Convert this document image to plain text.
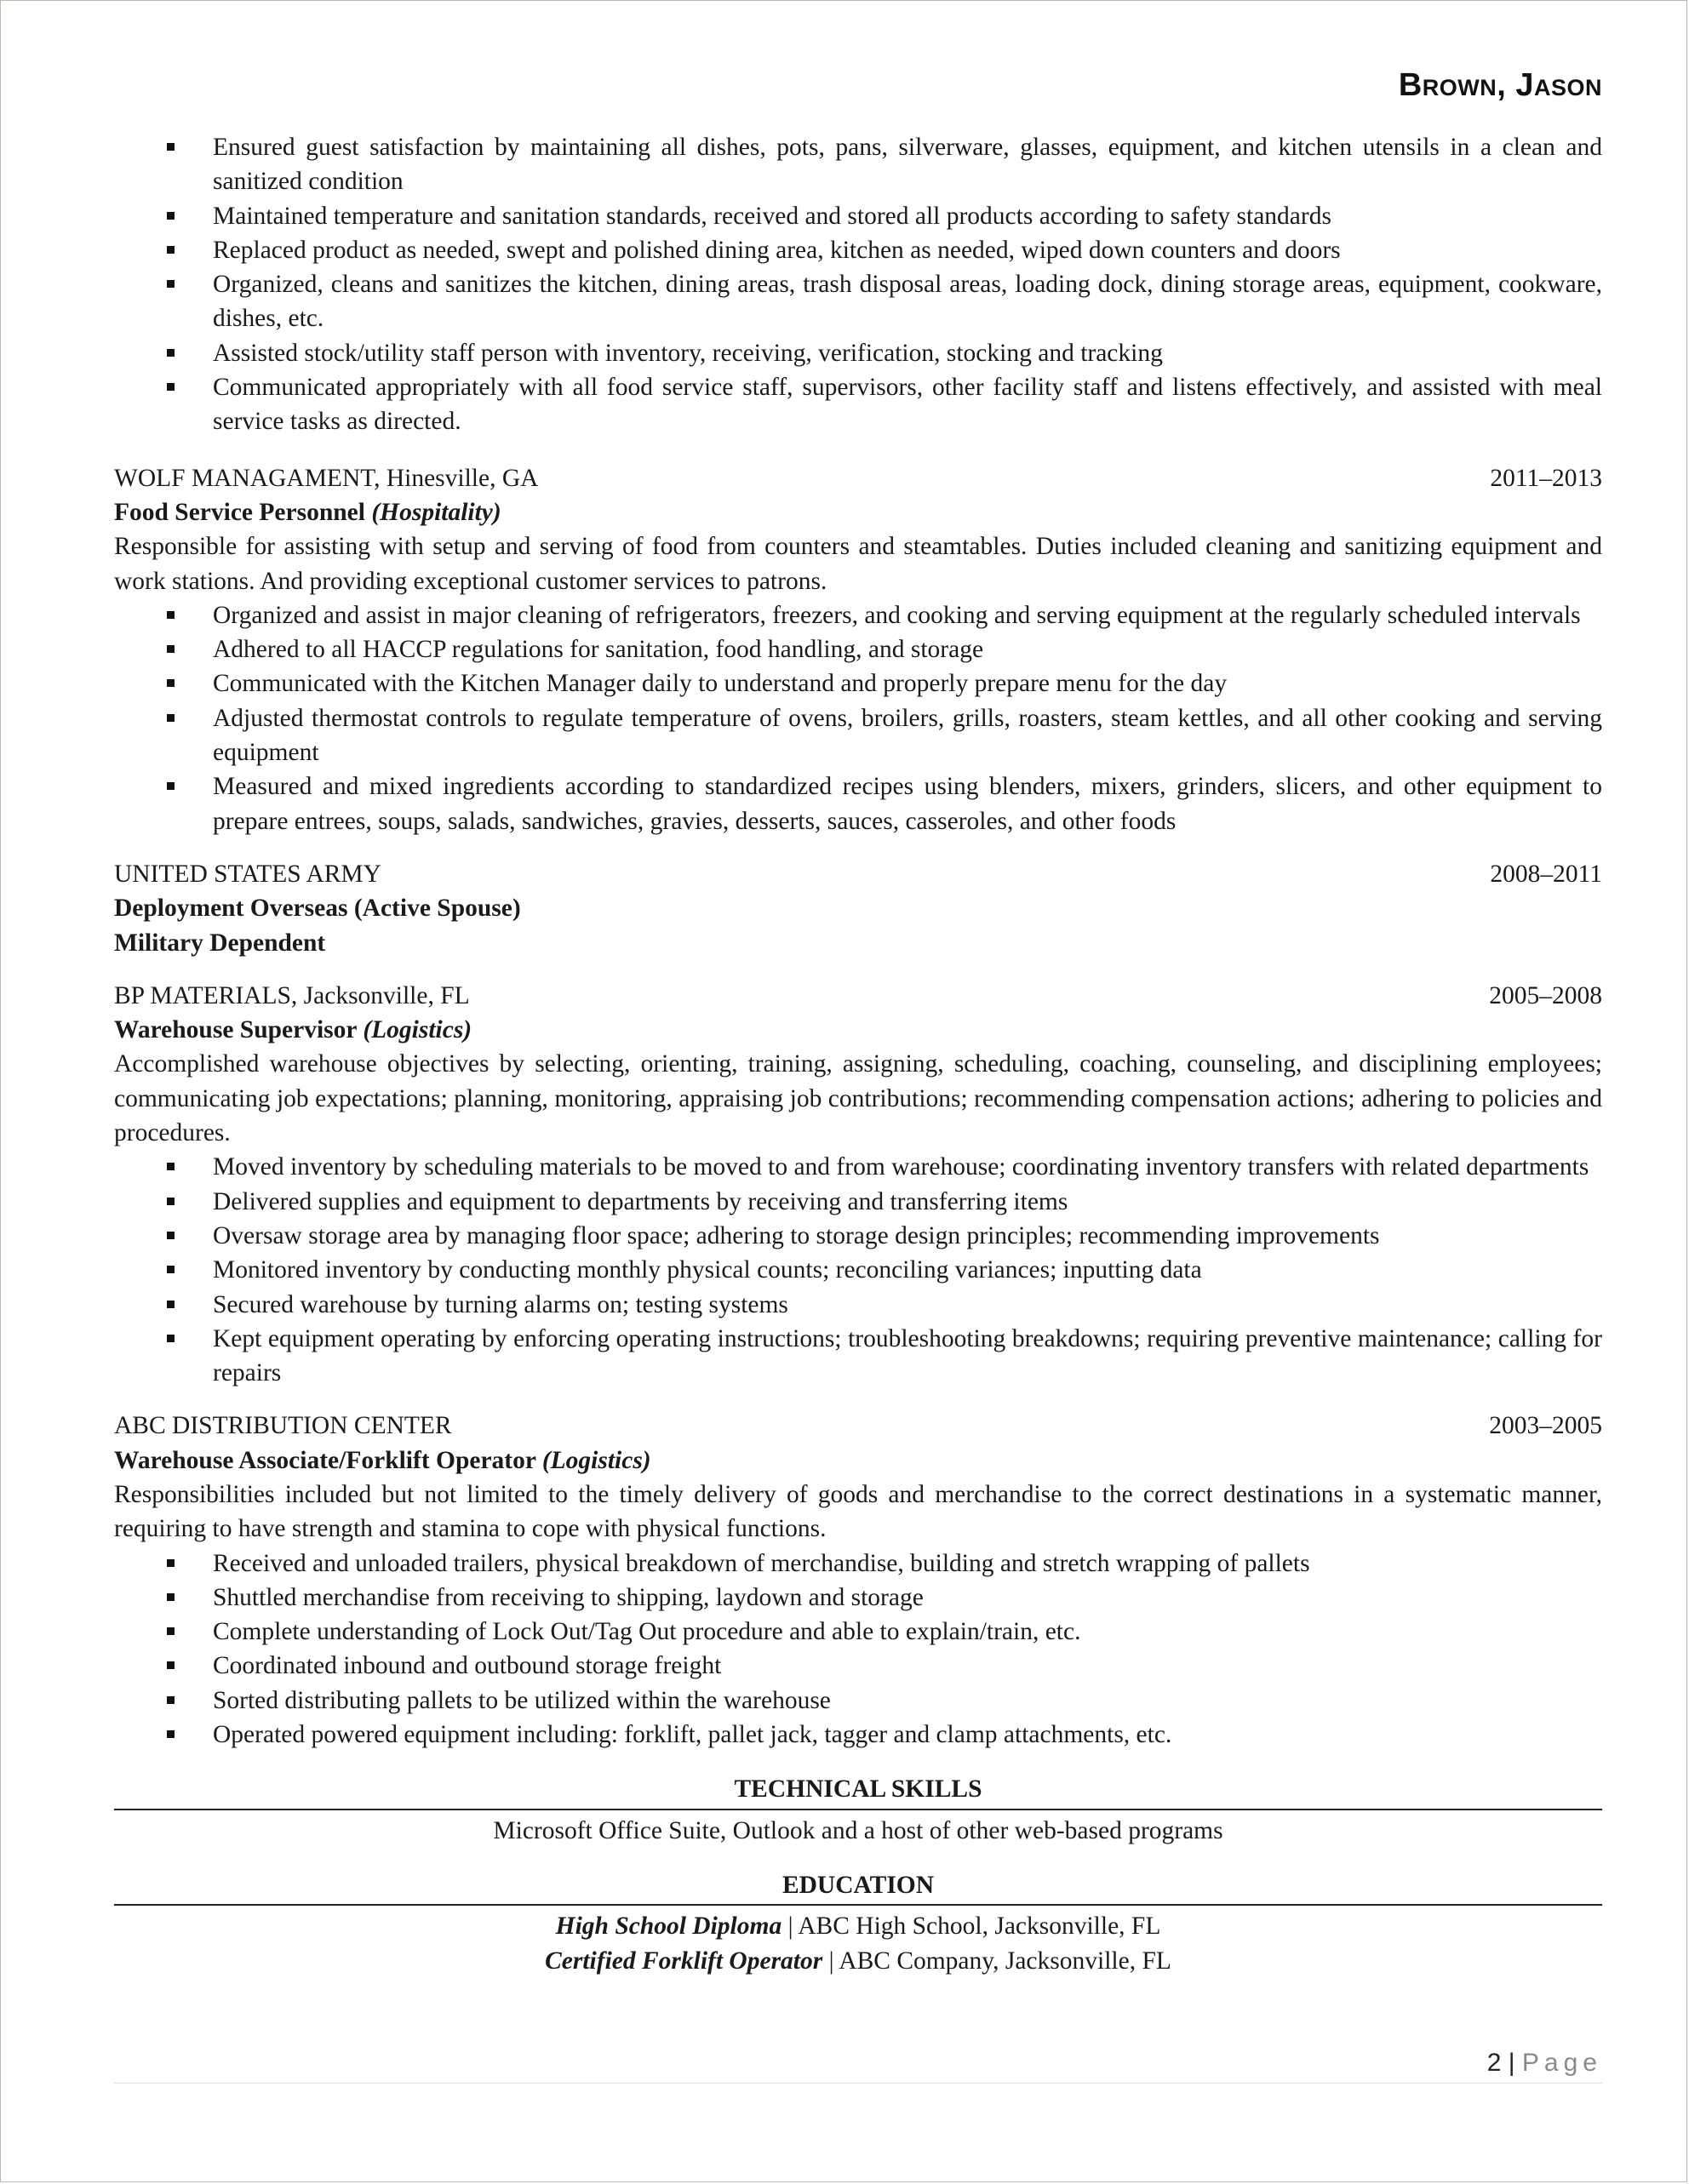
Brown, Jason
Ensured guest satisfaction by maintaining all dishes, pots, pans, silverware, glasses, equipment, and kitchen utensils in a clean and sanitized condition
Maintained temperature and sanitation standards, received and stored all products according to safety standards
Replaced product as needed, swept and polished dining area, kitchen as needed, wiped down counters and doors
Organized, cleans and sanitizes the kitchen, dining areas, trash disposal areas, loading dock, dining storage areas, equipment, cookware, dishes, etc.
Assisted stock/utility staff person with inventory, receiving, verification, stocking and tracking
Communicated appropriately with all food service staff, supervisors, other facility staff and listens effectively, and assisted with meal service tasks as directed.
WOLF MANAGAMENT, Hinesville, GA	2011–2013
Food Service Personnel (Hospitality)
Responsible for assisting with setup and serving of food from counters and steamtables. Duties included cleaning and sanitizing equipment and work stations. And providing exceptional customer services to patrons.
Organized and assist in major cleaning of refrigerators, freezers, and cooking and serving equipment at the regularly scheduled intervals
Adhered to all HACCP regulations for sanitation, food handling, and storage
Communicated with the Kitchen Manager daily to understand and properly prepare menu for the day
Adjusted thermostat controls to regulate temperature of ovens, broilers, grills, roasters, steam kettles, and all other cooking and serving equipment
Measured and mixed ingredients according to standardized recipes using blenders, mixers, grinders, slicers, and other equipment to prepare entrees, soups, salads, sandwiches, gravies, desserts, sauces, casseroles, and other foods
UNITED STATES ARMY	2008–2011
Deployment Overseas (Active Spouse)
Military Dependent
BP MATERIALS, Jacksonville, FL	2005–2008
Warehouse Supervisor (Logistics)
Accomplished warehouse objectives by selecting, orienting, training, assigning, scheduling, coaching, counseling, and disciplining employees; communicating job expectations; planning, monitoring, appraising job contributions; recommending compensation actions; adhering to policies and procedures.
Moved inventory by scheduling materials to be moved to and from warehouse; coordinating inventory transfers with related departments
Delivered supplies and equipment to departments by receiving and transferring items
Oversaw storage area by managing floor space; adhering to storage design principles; recommending improvements
Monitored inventory by conducting monthly physical counts; reconciling variances; inputting data
Secured warehouse by turning alarms on; testing systems
Kept equipment operating by enforcing operating instructions; troubleshooting breakdowns; requiring preventive maintenance; calling for repairs
ABC DISTRIBUTION CENTER	2003–2005
Warehouse Associate/Forklift Operator (Logistics)
Responsibilities included but not limited to the timely delivery of goods and merchandise to the correct destinations in a systematic manner, requiring to have strength and stamina to cope with physical functions.
Received and unloaded trailers, physical breakdown of merchandise, building and stretch wrapping of pallets
Shuttled merchandise from receiving to shipping, laydown and storage
Complete understanding of Lock Out/Tag Out procedure and able to explain/train, etc.
Coordinated inbound and outbound storage freight
Sorted distributing pallets to be utilized within the warehouse
Operated powered equipment including: forklift, pallet jack, tagger and clamp attachments, etc.
TECHNICAL SKILLS
Microsoft Office Suite, Outlook and a host of other web-based programs
EDUCATION
High School Diploma | ABC High School, Jacksonville, FL
Certified Forklift Operator | ABC Company, Jacksonville, FL
2 | Page
